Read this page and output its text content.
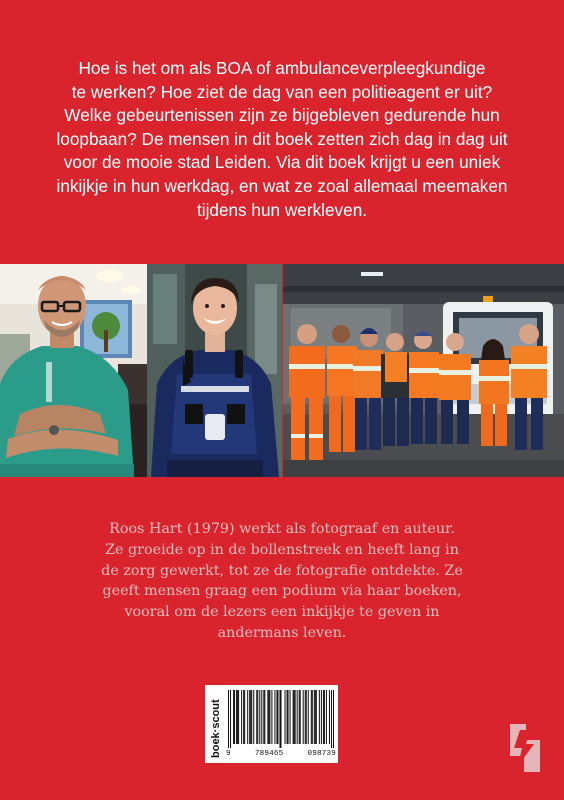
Hoe is het om als BOA of ambulanceverpleegkundige
te werken? Hoe ziet de dag van een politieagent er uit?
Welke gebeurtenissen zijn ze bijgebleven gedurende hun
loopbaan? De mensen in dit boek zetten zich dag in dag uit
voor de mooie stad Leiden. Via dit boek krijgt u een uniek
inkijkje in hun werkdag, en wat ze zoal allemaal meemaken
tijdens hun werkleven.
Roos Hart (1979) werkt als fotograaf en auteur.
Ze groeide op in de bollenstreek en heeft lang in
de zorg gewerkt, tot ze de fotografie ontdekte. Ze
geeft mensen graag een podium via haar boeken,
vooral om de lezers een inkijkje te geven in
andermans leven.
boek·scout 9	789465	098739
